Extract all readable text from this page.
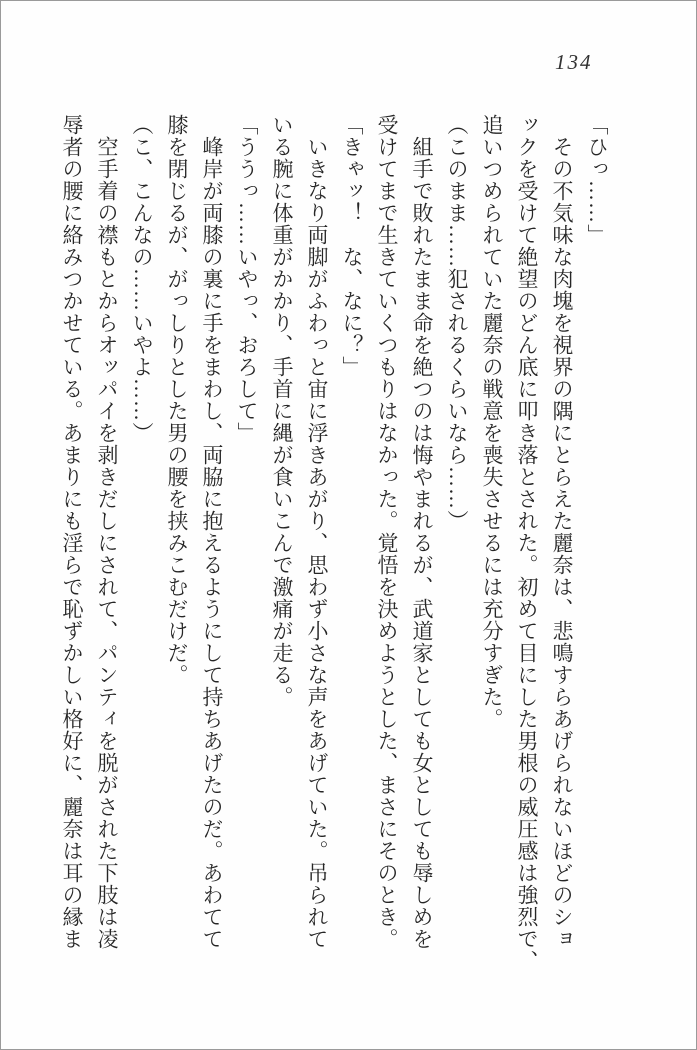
134
「ひっ……」
　その不気味な肉塊を視界の隅にとらえた麗奈は、悲鳴すらあげられないほどのショ
ックを受けて絶望のどん底に叩き落とされた。初めて目にした男根の威圧感は強烈で、
追いつめられていた麗奈の戦意を喪失させるには充分すぎた。
（このまま……犯されるくらいなら……）
　組手で敗れたまま命を絶つのは悔やまれるが、武道家としても女としても辱しめを
受けてまで生きていくつもりはなかった。覚悟を決めようとした、まさにそのとき。
「きゃッ！　な、なに？」
　いきなり両脚がふわっと宙に浮きあがり、思わず小さな声をあげていた。吊られて
いる腕に体重がかかり、手首に縄が食いこんで激痛が走る。
「ううっ……いやっ、おろして」
　峰岸が両膝の裏に手をまわし、両脇に抱えるようにして持ちあげたのだ。あわてて
膝を閉じるが、がっしりとした男の腰を挟みこむだけだ。
（こ、こんなの……いやよ……）
　空手着の襟もとからオッパイを剥きだしにされて、パンティを脱がされた下肢は凌
辱者の腰に絡みつかせている。あまりにも淫らで恥ずかしい格好に、麗奈は耳の縁ま
